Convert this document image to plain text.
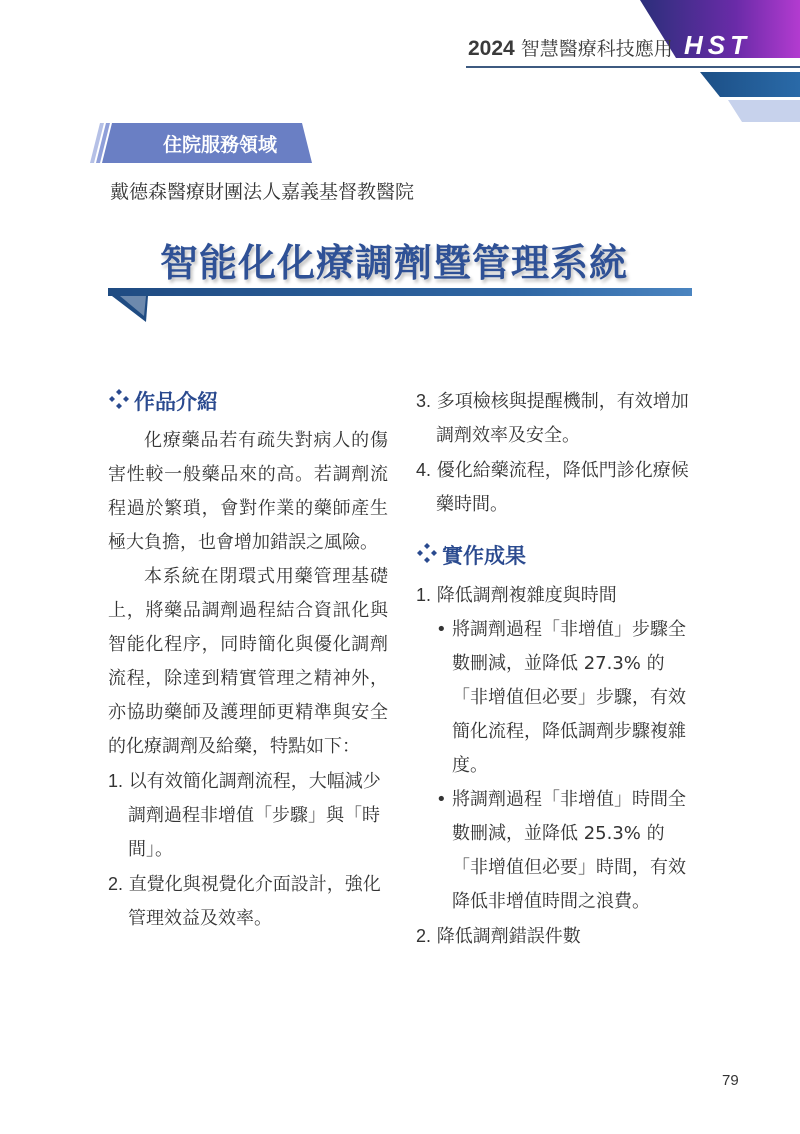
2024 智慧醫療科技應用 HST
住院服務領域
戴德森醫療財團法人嘉義基督教醫院
智能化化療調劑暨管理系統
作品介紹
化療藥品若有疏失對病人的傷害性較一般藥品來的高。若調劑流程過於繁瑣，會對作業的藥師產生極大負擔，也會增加錯誤之風險。
本系統在閉環式用藥管理基礎上，將藥品調劑過程結合資訊化與智能化程序，同時簡化與優化調劑流程，除達到精實管理之精神外，亦協助藥師及護理師更精準與安全的化療調劑及給藥，特點如下：
1. 以有效簡化調劑流程，大幅減少調劑過程非增值「步驟」與「時間」。
2. 直覺化與視覺化介面設計，強化管理效益及效率。
3. 多項檢核與提醒機制，有效增加調劑效率及安全。
4. 優化給藥流程，降低門診化療候藥時間。
實作成果
1. 降低調劑複雜度與時間
• 將調劑過程「非增值」步驟全數刪減，並降低 27.3% 的「非增值但必要」步驟，有效簡化流程，降低調劑步驟複雜度。
• 將調劑過程「非增值」時間全數刪減，並降低 25.3% 的「非增值但必要」時間，有效降低非增值時間之浪費。
2. 降低調劑錯誤件數
79
